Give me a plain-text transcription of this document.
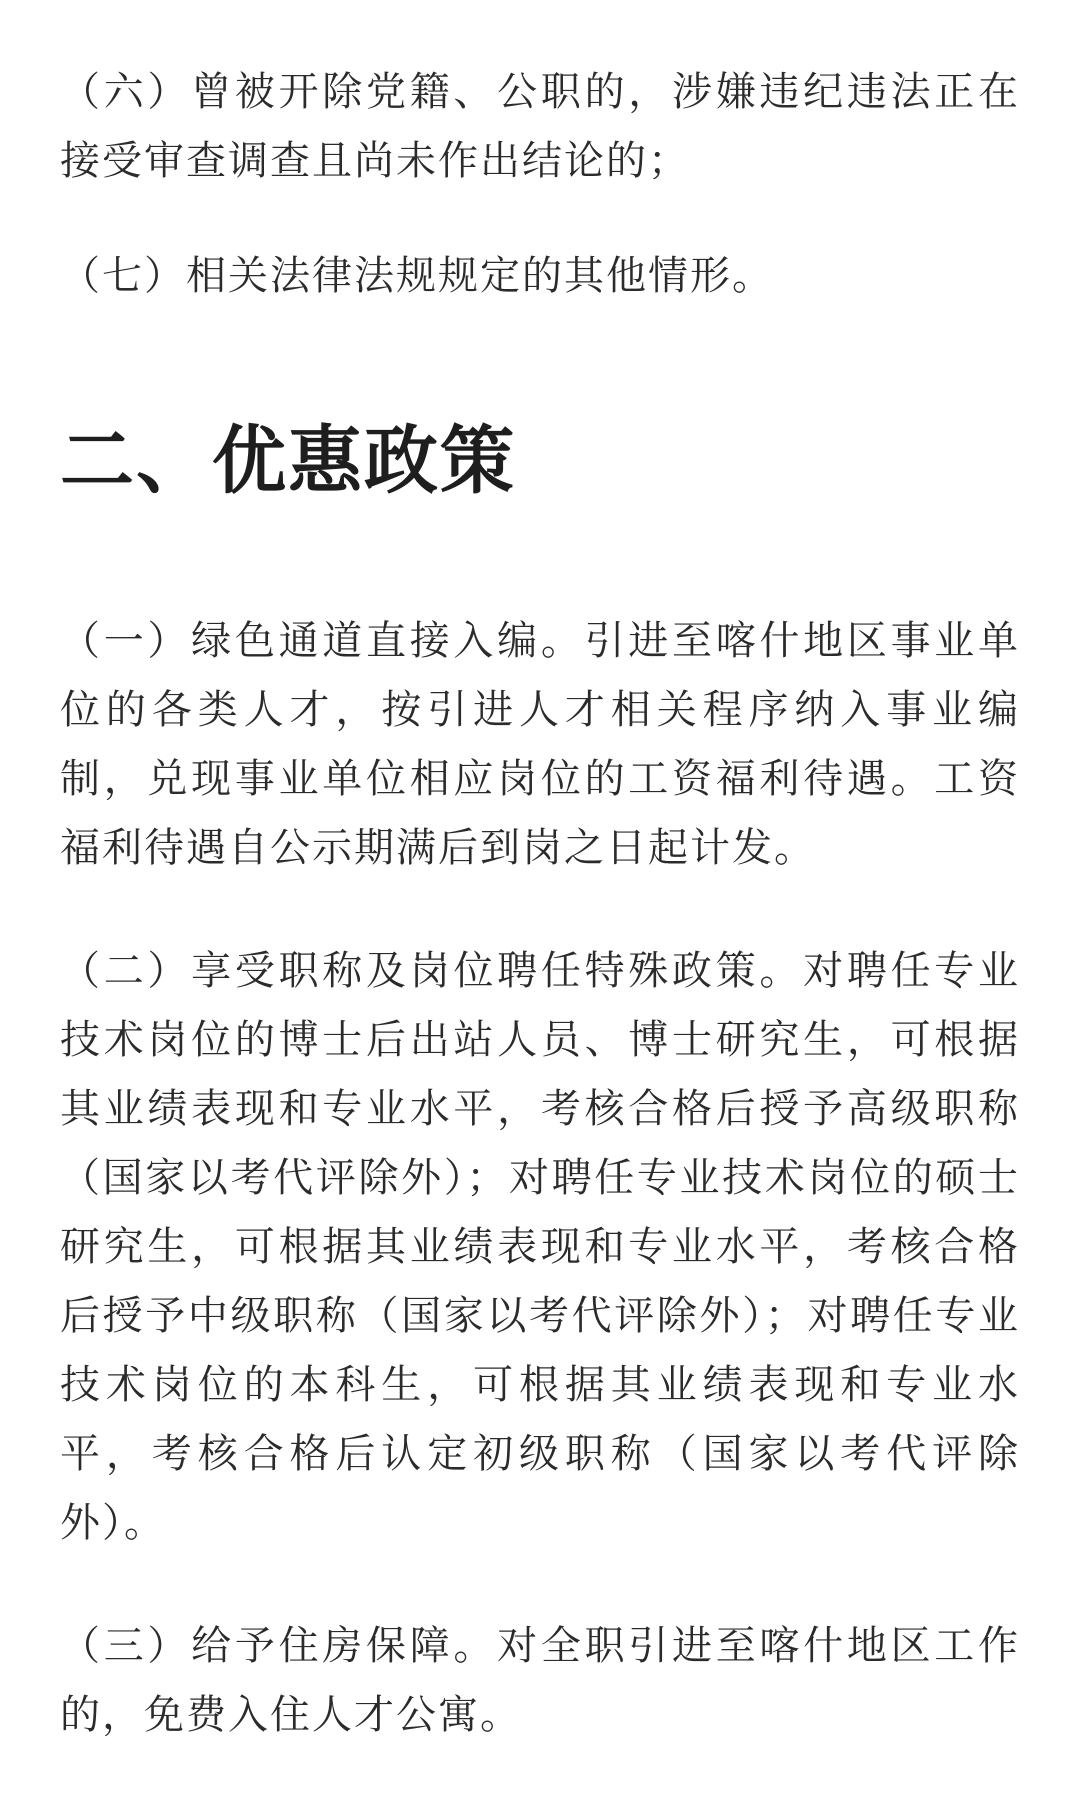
（六）曾被开除党籍、公职的，涉嫌违纪违法正在接受审查调查且尚未作出结论的；

（七）相关法律法规规定的其他情形。

二、优惠政策

（一）绿色通道直接入编。引进至喀什地区事业单位的各类人才，按引进人才相关程序纳入事业编制，兑现事业单位相应岗位的工资福利待遇。工资福利待遇自公示期满后到岗之日起计发。

（二）享受职称及岗位聘任特殊政策。对聘任专业技术岗位的博士后出站人员、博士研究生，可根据其业绩表现和专业水平，考核合格后授予高级职称（国家以考代评除外）；对聘任专业技术岗位的硕士研究生，可根据其业绩表现和专业水平，考核合格后授予中级职称（国家以考代评除外）；对聘任专业技术岗位的本科生，可根据其业绩表现和专业水平，考核合格后认定初级职称（国家以考代评除外）。

（三）给予住房保障。对全职引进至喀什地区工作的，免费入住人才公寓。
